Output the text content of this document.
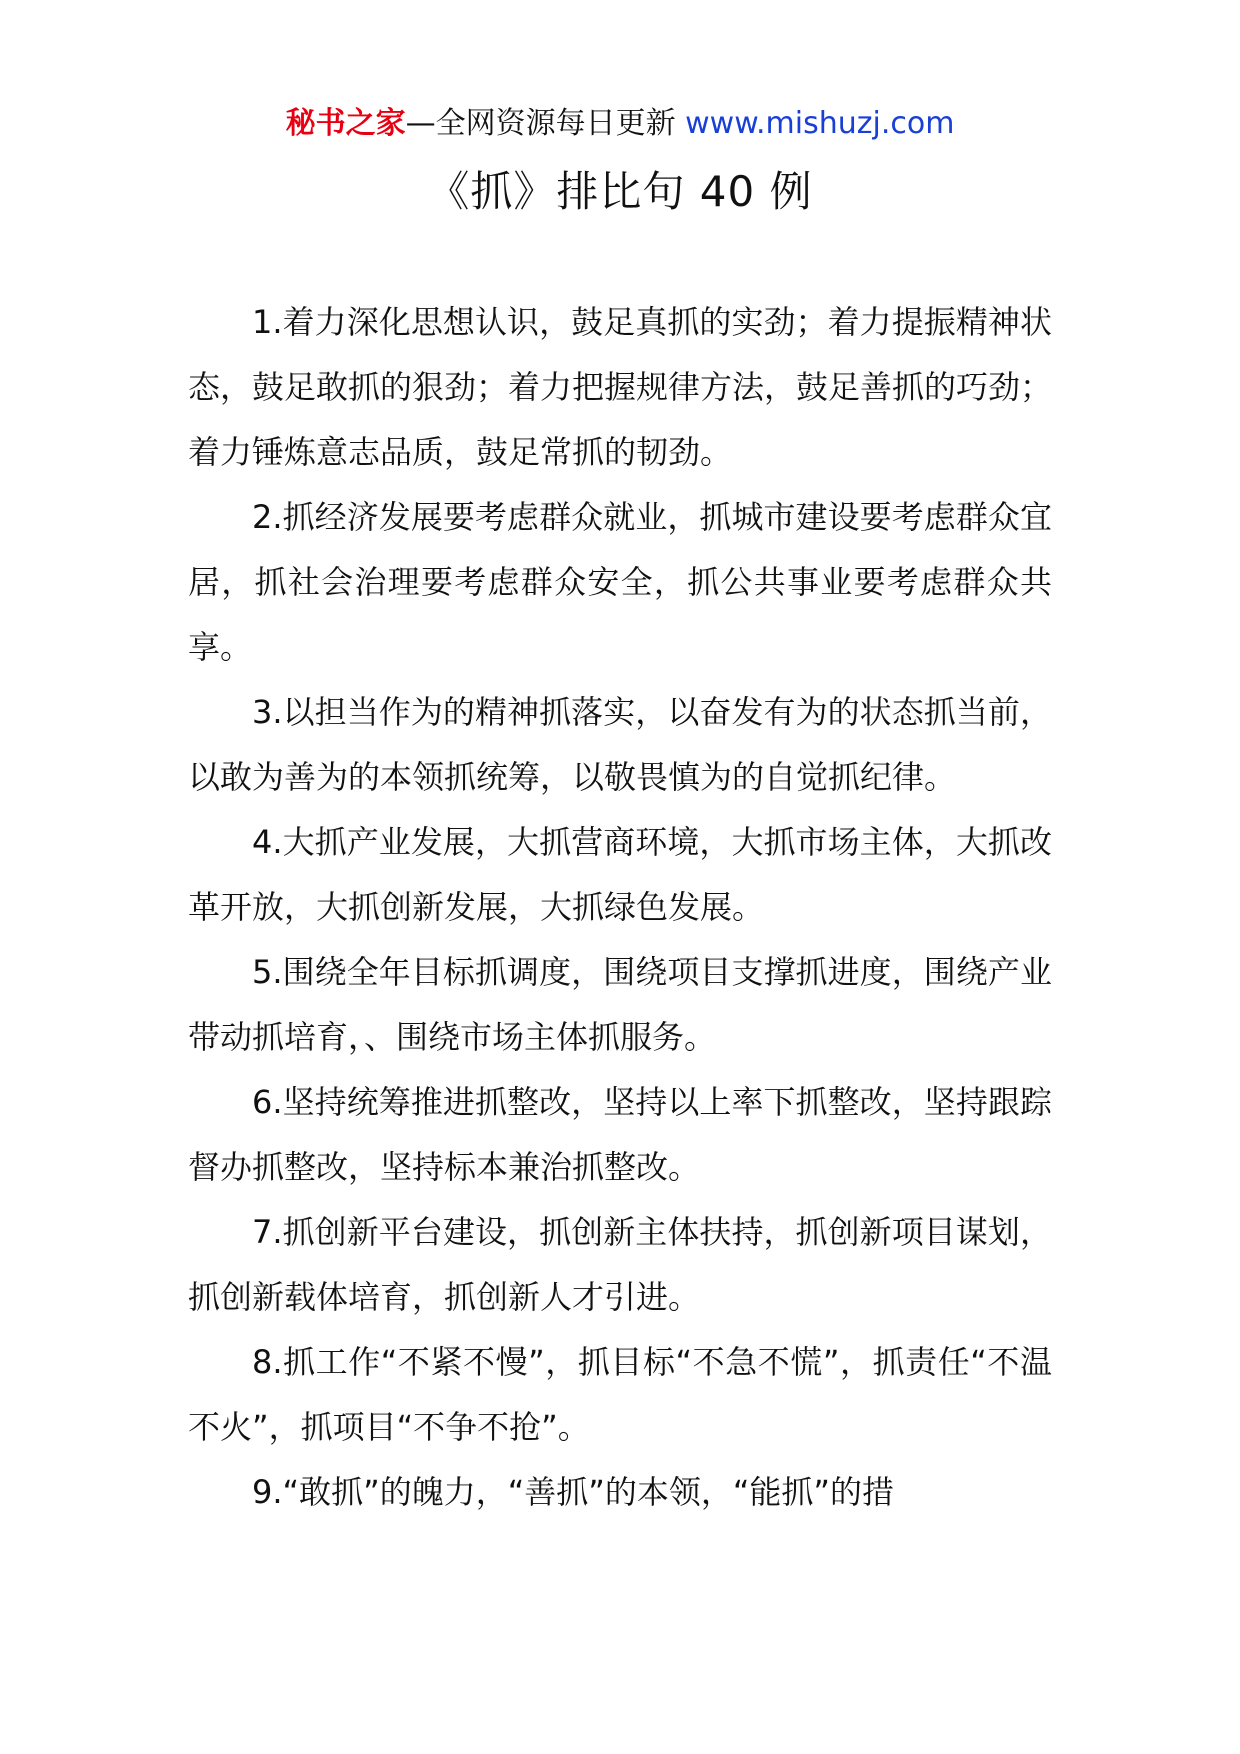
秘书之家—全网资源每日更新 www.mishuzj.com
《抓》排比句 40 例

1.着力深化思想认识，鼓足真抓的实劲；着力提振精神状态，鼓足敢抓的狠劲；着力把握规律方法，鼓足善抓的巧劲；着力锤炼意志品质，鼓足常抓的韧劲。

2.抓经济发展要考虑群众就业，抓城市建设要考虑群众宜居，抓社会治理要考虑群众安全，抓公共事业要考虑群众共享。

3.以担当作为的精神抓落实，以奋发有为的状态抓当前，以敢为善为的本领抓统筹，以敬畏慎为的自觉抓纪律。

4.大抓产业发展，大抓营商环境，大抓市场主体，大抓改革开放，大抓创新发展，大抓绿色发展。

5.围绕全年目标抓调度，围绕项目支撑抓进度，围绕产业带动抓培育，、围绕市场主体抓服务。

6.坚持统筹推进抓整改，坚持以上率下抓整改，坚持跟踪督办抓整改，坚持标本兼治抓整改。

7.抓创新平台建设，抓创新主体扶持，抓创新项目谋划，抓创新载体培育，抓创新人才引进。

8.抓工作“不紧不慢”，抓目标“不急不慌”，抓责任“不温不火”，抓项目“不争不抢”。

9.“敢抓”的魄力，“善抓”的本领，“能抓”的措
